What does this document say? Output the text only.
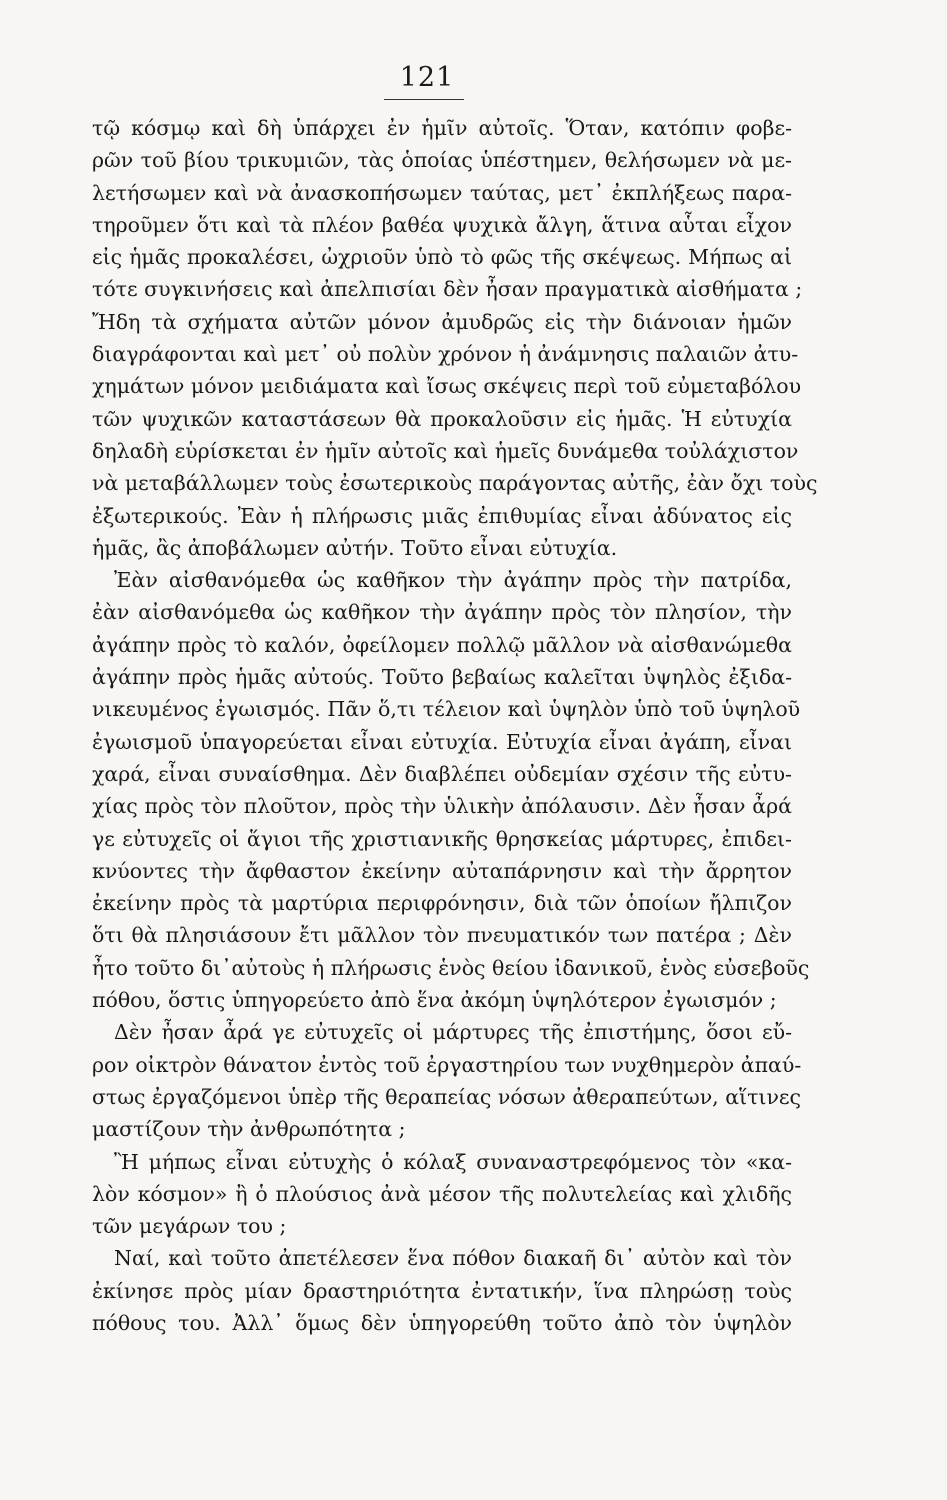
121
τῷ κόσμῳ καὶ δὴ ὑπάρχει ἐν ἡμῖν αὐτοῖς. Ὅταν, κατόπιν φοβε-
ρῶν τοῦ βίου τρικυμιῶν, τὰς ὁποίας ὑπέστημεν, θελήσωμεν νὰ με-
λετήσωμεν καὶ νὰ ἀνασκοπήσωμεν ταύτας, μετ᾽ ἐκπλήξεως παρα-
τηροῦμεν ὅτι καὶ τὰ πλέον βαθέα ψυχικὰ ἄλγη, ἅτινα αὗται εἶχον
εἰς ἡμᾶς προκαλέσει, ὠχριοῦν ὑπὸ τὸ φῶς τῆς σκέψεως. Μήπως αἱ
τότε συγκινήσεις καὶ ἀπελπισίαι δὲν ἦσαν πραγματικὰ αἰσθήματα ;
Ἤδη τὰ σχήματα αὐτῶν μόνον ἀμυδρῶς εἰς τὴν διάνοιαν ἡμῶν
διαγράφονται καὶ μετ᾽ οὐ πολὺν χρόνον ἡ ἀνάμνησις παλαιῶν ἀτυ-
χημάτων μόνον μειδιάματα καὶ ἴσως σκέψεις περὶ τοῦ εὐμεταβόλου
τῶν ψυχικῶν καταστάσεων θὰ προκαλοῦσιν εἰς ἡμᾶς. Ἡ εὐτυχία
δηλαδὴ εὑρίσκεται ἐν ἡμῖν αὐτοῖς καὶ ἡμεῖς δυνάμεθα τοὐλάχιστον
νὰ μεταβάλλωμεν τοὺς ἐσωτερικοὺς παράγοντας αὐτῆς, ἐὰν ὄχι τοὺς
ἐξωτερικούς. Ἐὰν ἡ πλήρωσις μιᾶς ἐπιθυμίας εἶναι ἀδύνατος εἰς
ἡμᾶς, ἂς ἀποβάλωμεν αὐτήν. Τοῦτο εἶναι εὐτυχία.
Ἐὰν αἰσθανόμεθα ὡς καθῆκον τὴν ἀγάπην πρὸς τὴν πατρίδα,
ἐὰν αἰσθανόμεθα ὡς καθῆκον τὴν ἀγάπην πρὸς τὸν πλησίον, τὴν
ἀγάπην πρὸς τὸ καλόν, ὀφείλομεν πολλῷ μᾶλλον νὰ αἰσθανώμεθα
ἀγάπην πρὸς ἡμᾶς αὐτούς. Τοῦτο βεβαίως καλεῖται ὑψηλὸς ἐξιδα-
νικευμένος ἐγωισμός. Πᾶν ὅ,τι τέλειον καὶ ὑψηλὸν ὑπὸ τοῦ ὑψηλοῦ
ἐγωισμοῦ ὑπαγορεύεται εἶναι εὐτυχία. Εὐτυχία εἶναι ἀγάπη, εἶναι
χαρά, εἶναι συναίσθημα. Δὲν διαβλέπει οὐδεμίαν σχέσιν τῆς εὐτυ-
χίας πρὸς τὸν πλοῦτον, πρὸς τὴν ὑλικὴν ἀπόλαυσιν. Δὲν ἦσαν ἆρά
γε εὐτυχεῖς οἱ ἅγιοι τῆς χριστιανικῆς θρησκείας μάρτυρες, ἐπιδει-
κνύοντες τὴν ἄφθαστον ἐκείνην αὐταπάρνησιν καὶ τὴν ἄρρητον
ἐκείνην πρὸς τὰ μαρτύρια περιφρόνησιν, διὰ τῶν ὁποίων ἤλπιζον
ὅτι θὰ πλησιάσουν ἔτι μᾶλλον τὸν πνευματικόν των πατέρα ; Δὲν
ἦτο τοῦτο δι᾽αὐτοὺς ἡ πλήρωσις ἑνὸς θείου ἰδανικοῦ, ἑνὸς εὐσεβοῦς
πόθου, ὅστις ὑπηγορεύετο ἀπὸ ἕνα ἀκόμη ὑψηλότερον ἐγωισμόν ;
Δὲν ἦσαν ἆρά γε εὐτυχεῖς οἱ μάρτυρες τῆς ἐπιστήμης, ὅσοι εὔ-
ρον οἰκτρὸν θάνατον ἐντὸς τοῦ ἐργαστηρίου των νυχθημερὸν ἀπαύ-
στως ἐργαζόμενοι ὑπὲρ τῆς θεραπείας νόσων ἀθεραπεύτων, αἵτινες
μαστίζουν τὴν ἀνθρωπότητα ;
Ἢ μήπως εἶναι εὐτυχὴς ὁ κόλαξ συναναστρεφόμενος τὸν «κα-
λὸν κόσμον» ἢ ὁ πλούσιος ἀνὰ μέσον τῆς πολυτελείας καὶ χλιδῆς
τῶν μεγάρων του ;
Ναί, καὶ τοῦτο ἀπετέλεσεν ἕνα πόθον διακαῆ δι᾽ αὐτὸν καὶ τὸν
ἐκίνησε πρὸς μίαν δραστηριότητα ἐντατικήν, ἵνα πληρώσῃ τοὺς
πόθους του. Ἀλλ᾽ ὅμως δὲν ὑπηγορεύθη τοῦτο ἀπὸ τὸν ὑψηλὸν
